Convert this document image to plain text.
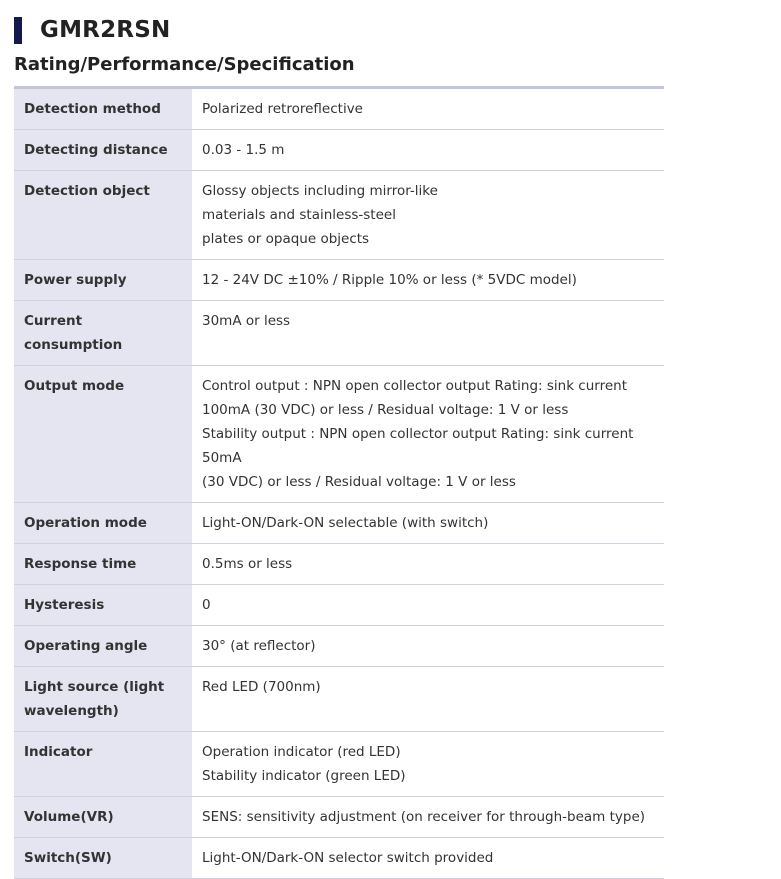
GMR2RSN
Rating/Performance/Specification
Detection method	Polarized retroreflective

Detecting distance	0.03 - 1.5 m

Detection object	Glossy objects including mirror-like
materials and stainless-steel
plates or opaque objects

Power supply	12 - 24V DC ±10% / Ripple 10% or less (* 5VDC model)

Current consumption	30mA or less

Output mode	Control output : NPN open collector output Rating: sink current
100mA (30 VDC) or less / Residual voltage: 1 V or less
Stability output : NPN open collector output Rating: sink current 50mA
(30 VDC) or less / Residual voltage: 1 V or less

Operation mode	Light-ON/Dark-ON selectable (with switch)

Response time	0.5ms or less

Hysteresis	0

Operating angle	30° (at reflector)

Light source (light wavelength)	Red LED (700nm)

Indicator	Operation indicator (red LED)
Stability indicator (green LED)

Volume(VR)	SENS: sensitivity adjustment (on receiver for through-beam type)

Switch(SW)	Light-ON/Dark-ON selector switch provided
